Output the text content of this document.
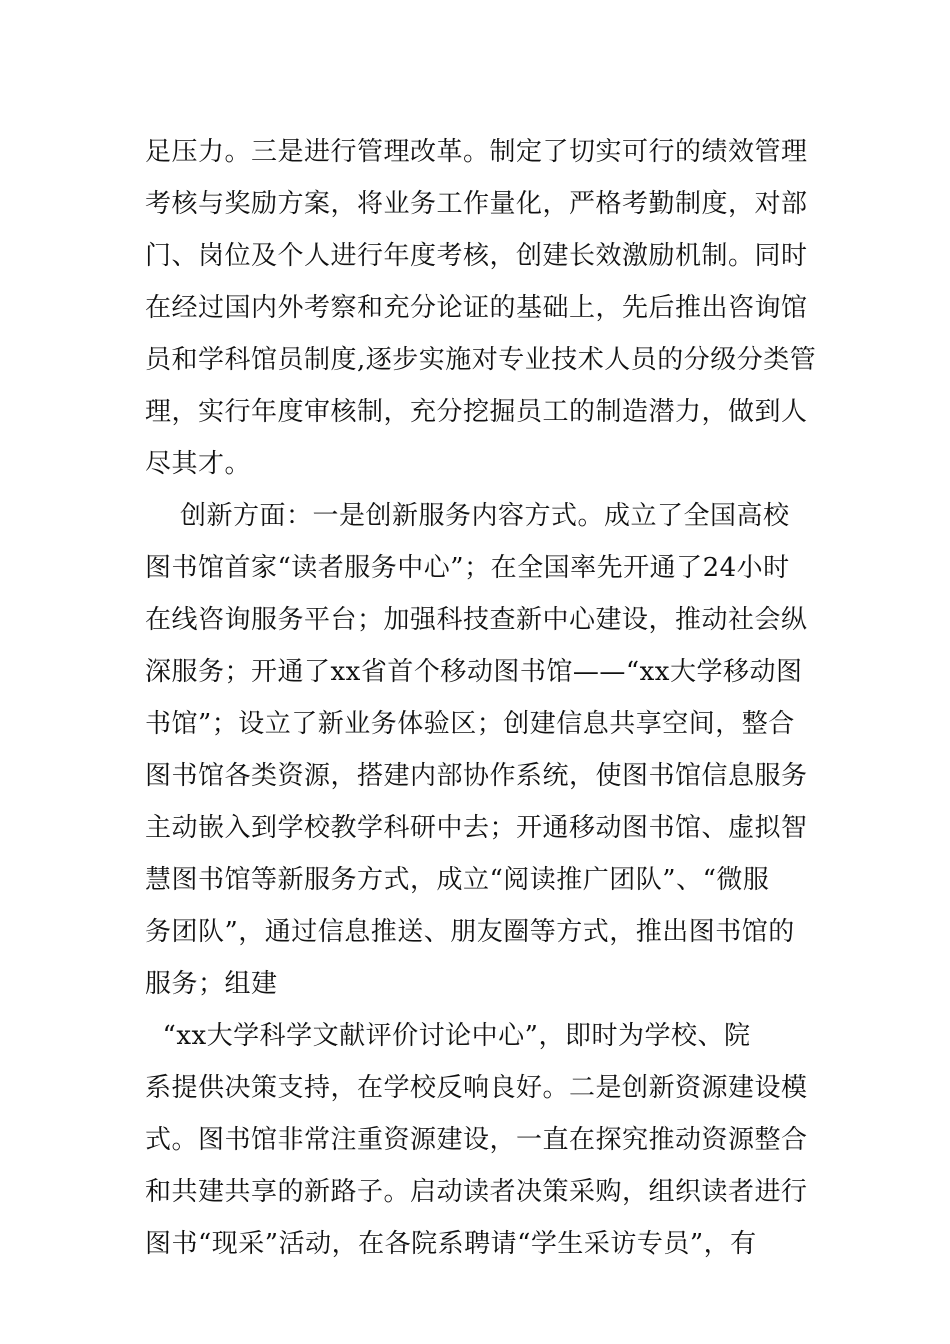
足压力。三是进行管理改革。制定了切实可行的绩效管理
考核与奖励方案，将业务工作量化，严格考勤制度，对部
门、岗位及个人进行年度考核，创建长效激励机制。同时
在经过国内外考察和充分论证的基础上，先后推出咨询馆
员和学科馆员制度,逐步实施对专业技术人员的分级分类管
理，实行年度审核制，充分挖掘员工的制造潜力，做到人
尽其才。
创新方面：一是创新服务内容方式。成立了全国高校
图书馆首家“读者服务中心”；在全国率先开通了24小时
在线咨询服务平台；加强科技查新中心建设，推动社会纵
深服务；开通了xx省首个移动图书馆——“xx大学移动图
书馆”；设立了新业务体验区；创建信息共享空间，整合
图书馆各类资源，搭建内部协作系统，使图书馆信息服务
主动嵌入到学校教学科研中去；开通移动图书馆、虚拟智
慧图书馆等新服务方式，成立“阅读推广团队”、“微服
务团队”，通过信息推送、朋友圈等方式，推出图书馆的
服务；组建
“xx大学科学文献评价讨论中心”，即时为学校、院
系提供决策支持，在学校反响良好。二是创新资源建设模
式。图书馆非常注重资源建设，一直在探究推动资源整合
和共建共享的新路子。启动读者决策采购，组织读者进行
图书“现采”活动，在各院系聘请“学生采访专员”，有
